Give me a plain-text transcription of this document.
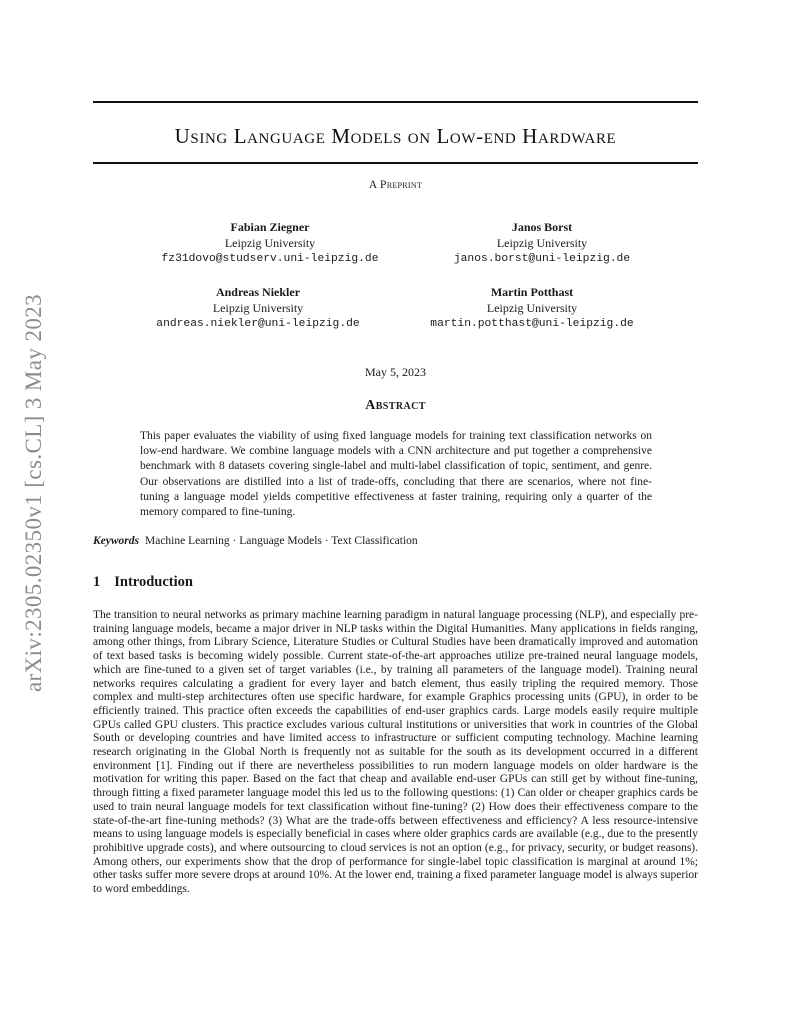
arXiv:2305.02350v1 [cs.CL] 3 May 2023
Using Language Models on Low-end Hardware
A Preprint
Fabian Ziegner
Leipzig University
fz31dovo@studserv.uni-leipzig.de
Janos Borst
Leipzig University
janos.borst@uni-leipzig.de
Andreas Niekler
Leipzig University
andreas.niekler@uni-leipzig.de
Martin Potthast
Leipzig University
martin.potthast@uni-leipzig.de
May 5, 2023
Abstract

This paper evaluates the viability of using fixed language models for training text classification networks on low-end hardware. We combine language models with a CNN architecture and put together a comprehensive benchmark with 8 datasets covering single-label and multi-label classification of topic, sentiment, and genre. Our observations are distilled into a list of trade-offs, concluding that there are scenarios, where not fine-tuning a language model yields competitive effectiveness at faster training, requiring only a quarter of the memory compared to fine-tuning.

Keywords Machine Learning · Language Models · Text Classification
1 Introduction

The transition to neural networks as primary machine learning paradigm in natural language processing (NLP), and especially pre-training language models, became a major driver in NLP tasks within the Digital Humanities. Many applications in fields ranging, among other things, from Library Science, Literature Studies or Cultural Studies have been dramatically improved and automation of text based tasks is becoming widely possible. Current state-of-the-art approaches utilize pre-trained neural language models, which are fine-tuned to a given set of target variables (i.e., by training all parameters of the language model). Training neural networks requires calculating a gradient for every layer and batch element, thus easily tripling the required memory. Those complex and multi-step architectures often use specific hardware, for example Graphics processing units (GPU), in order to be efficiently trained. This practice often exceeds the capabilities of end-user graphics cards. Large models easily require multiple GPUs called GPU clusters. This practice excludes various cultural institutions or universities that work in countries of the Global South or developing countries and have limited access to infrastructure or sufficient computing technology. Machine learning research originating in the Global North is frequently not as suitable for the south as its development occurred in a different environment [1]. Finding out if there are nevertheless possibilities to run modern language models on older hardware is the motivation for writing this paper. Based on the fact that cheap and available end-user GPUs can still get by without fine-tuning, through fitting a fixed parameter language model this led us to the following questions: (1) Can older or cheaper graphics cards be used to train neural language models for text classification without fine-tuning? (2) How does their effectiveness compare to the state-of-the-art fine-tuning methods? (3) What are the trade-offs between effectiveness and efficiency? A less resource-intensive means to using language models is especially beneficial in cases where older graphics cards are available (e.g., due to the presently prohibitive upgrade costs), and where outsourcing to cloud services is not an option (e.g., for privacy, security, or budget reasons). Among others, our experiments show that the drop of performance for single-label topic classification is marginal at around 1%; other tasks suffer more severe drops at around 10%. At the lower end, training a fixed parameter language model is always superior to word embeddings.
